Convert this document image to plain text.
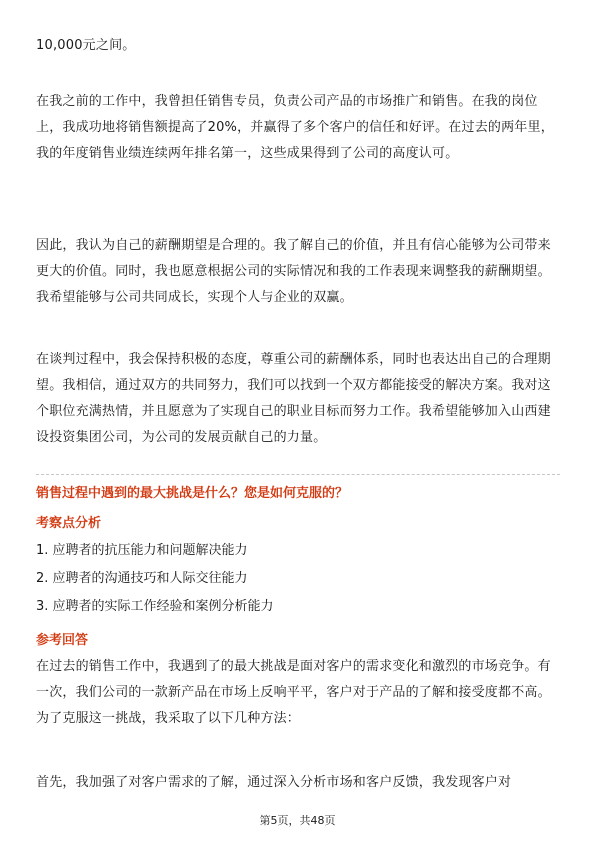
10,000元之间。

在我之前的工作中，我曾担任销售专员，负责公司产品的市场推广和销售。在我的岗位上，我成功地将销售额提高了20%，并赢得了多个客户的信任和好评。在过去的两年里，我的年度销售业绩连续两年排名第一，这些成果得到了公司的高度认可。

因此，我认为自己的薪酬期望是合理的。我了解自己的价值，并且有信心能够为公司带来更大的价值。同时，我也愿意根据公司的实际情况和我的工作表现来调整我的薪酬期望。我希望能够与公司共同成长，实现个人与企业的双赢。

在谈判过程中，我会保持积极的态度，尊重公司的薪酬体系，同时也表达出自己的合理期望。我相信，通过双方的共同努力，我们可以找到一个双方都能接受的解决方案。我对这个职位充满热情，并且愿意为了实现自己的职业目标而努力工作。我希望能够加入山西建设投资集团公司，为公司的发展贡献自己的力量。

销售过程中遇到的最大挑战是什么？您是如何克服的？

考察点分析

1. 应聘者的抗压能力和问题解决能力

2. 应聘者的沟通技巧和人际交往能力

3. 应聘者的实际工作经验和案例分析能力

参考回答

在过去的销售工作中，我遇到了的最大挑战是面对客户的需求变化和激烈的市场竞争。有一次，我们公司的一款新产品在市场上反响平平，客户对于产品的了解和接受度都不高。为了克服这一挑战，我采取了以下几种方法：

首先，我加强了对客户需求的了解，通过深入分析市场和客户反馈，我发现客户对

第5页，共48页
